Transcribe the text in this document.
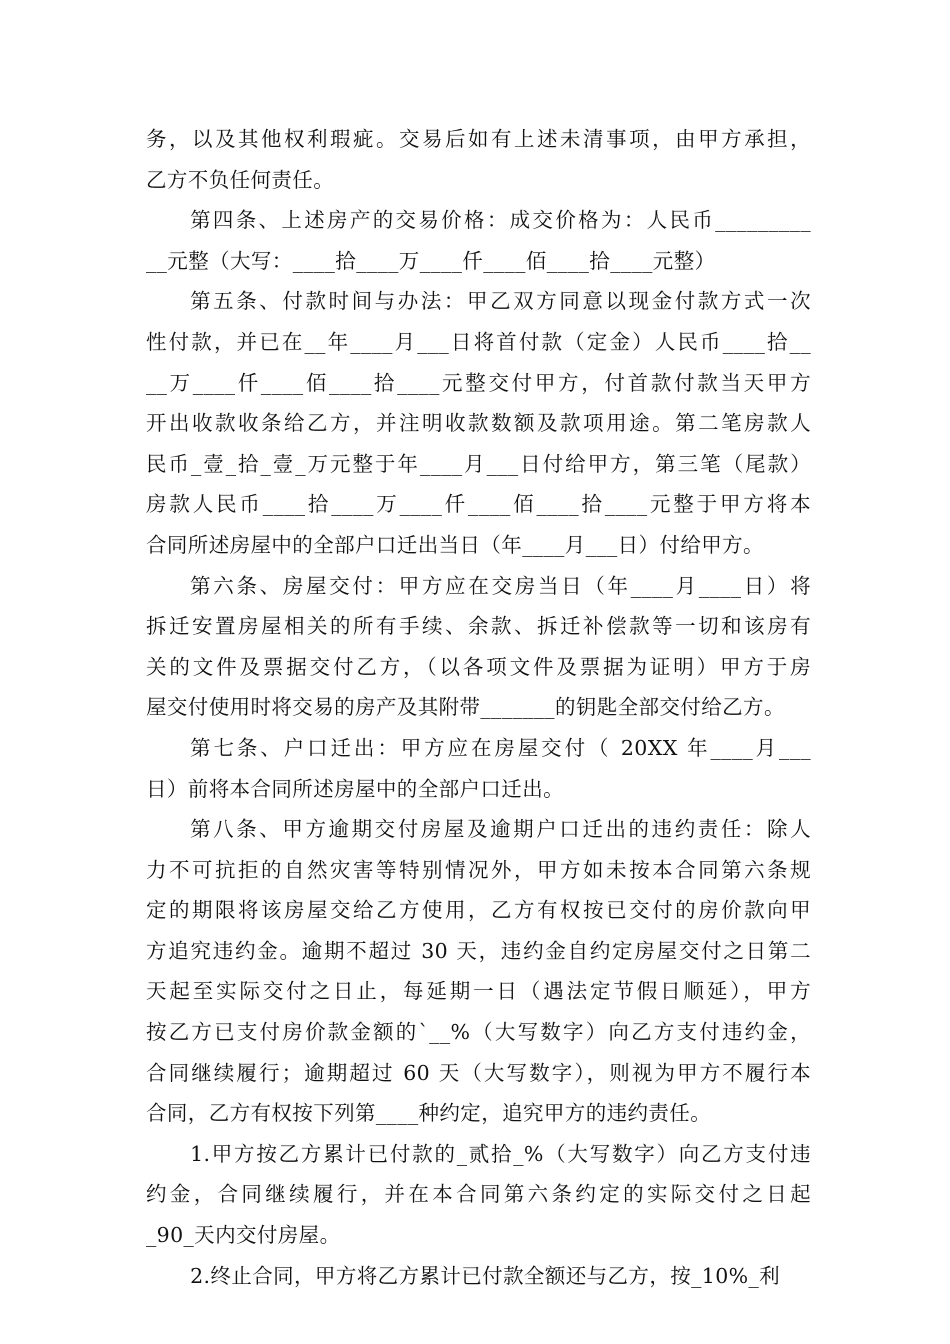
务，以及其他权利瑕疵。交易后如有上述未清事项，由甲方承担，
乙方不负任何责任。

第四条、上述房产的交易价格：成交价格为：人民币_________
__元整（大写：____拾____万____仟____佰____拾____元整）

第五条、付款时间与办法：甲乙双方同意以现金付款方式一次
性付款，并已在__年____月___日将首付款（定金）人民币____拾__
__万____仟____佰____拾____元整交付甲方，付首款付款当天甲方
开出收款收条给乙方，并注明收款数额及款项用途。第二笔房款人
民币_壹_拾_壹_万元整于年____月___日付给甲方，第三笔（尾款）
房款人民币____拾____万____仟____佰____拾____元整于甲方将本
合同所述房屋中的全部户口迁出当日（年____月___日）付给甲方。

第六条、房屋交付：甲方应在交房当日（年____月____日）将
拆迁安置房屋相关的所有手续、余款、拆迁补偿款等一切和该房有
关的文件及票据交付乙方，（以各项文件及票据为证明）甲方于房
屋交付使用时将交易的房产及其附带_______的钥匙全部交付给乙方。

第七条、户口迁出：甲方应在房屋交付（ 20XX 年____月___
日）前将本合同所述房屋中的全部户口迁出。

第八条、甲方逾期交付房屋及逾期户口迁出的违约责任：除人
力不可抗拒的自然灾害等特别情况外，甲方如未按本合同第六条规
定的期限将该房屋交给乙方使用，乙方有权按已交付的房价款向甲
方追究违约金。逾期不超过 30 天，违约金自约定房屋交付之日第二
天起至实际交付之日止，每延期一日（遇法定节假日顺延），甲方
按乙方已支付房价款金额的`__%（大写数字）向乙方支付违约金，
合同继续履行；逾期超过 60 天（大写数字），则视为甲方不履行本
合同，乙方有权按下列第____种约定，追究甲方的违约责任。

1.甲方按乙方累计已付款的_贰拾_%（大写数字）向乙方支付违
约金，合同继续履行，并在本合同第六条约定的实际交付之日起
_90_天内交付房屋。

2.终止合同，甲方将乙方累计已付款全额还与乙方，按_10%_利
